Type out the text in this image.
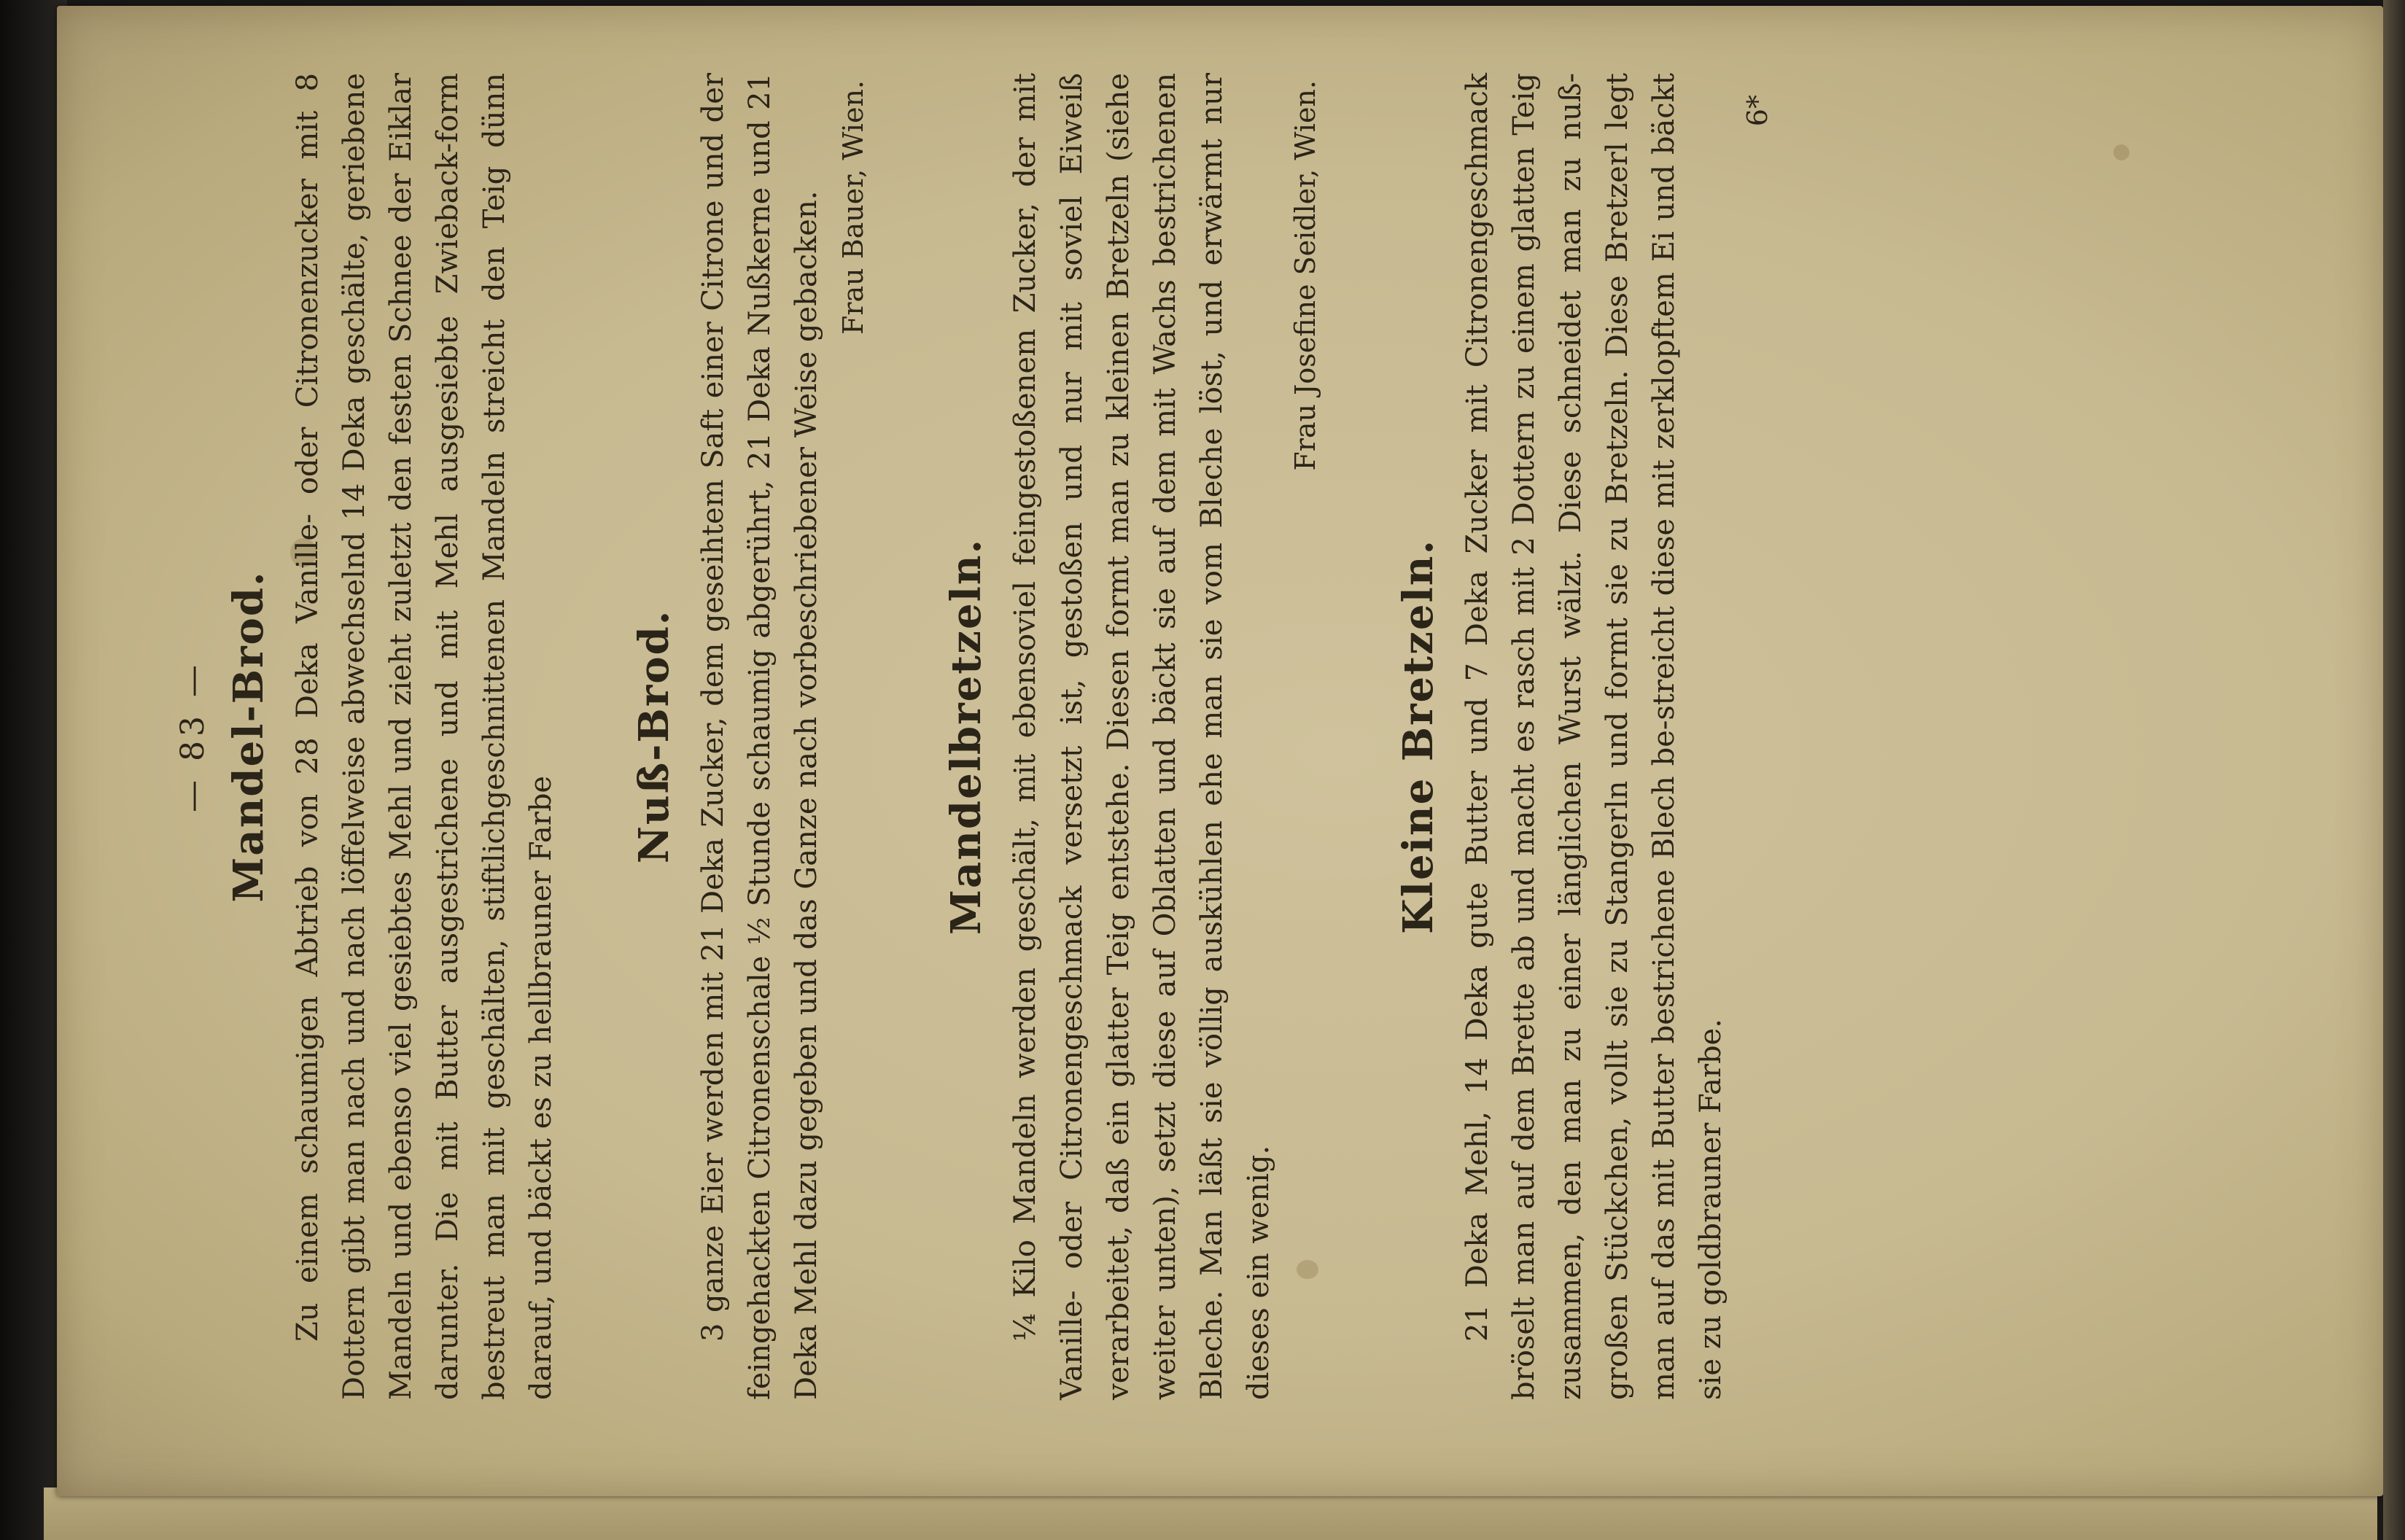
— 83 — Mandel-Brod. Zu einem schaumigen Abtrieb von 28 Deka Vanille- oder Citronenzucker mit 8 Dottern gibt man nach und nach löffelweise abwechselnd 14 Deka geschälte, geriebene Mandeln und ebenso viel gesiebtes Mehl und zieht zuletzt den festen Schnee der Eiklar darunter. Die mit Butter ausgestrichene und mit Mehl ausgesiebte Zwieback-form bestreut man mit geschälten, stiftlichgeschnittenen Mandeln streicht den Teig dünn darauf, und bäckt es zu hellbrauner Farbe

Nuß-Brod. 3 ganze Eier werden mit 21 Deka Zucker, dem geseihtem Saft einer Citrone und der feingehackten Citronenschale ½ Stunde schaumig abgerührt, 21 Deka Nußkerne und 21 Deka Mehl dazu gegeben und das Ganze nach vorbeschriebener Weise gebacken. Frau Bauer, Wien.
Mandelbretzeln. ¼ Kilo Mandeln werden geschält, mit ebensoviel feingestoßenem Zucker, der mit Vanille- oder Citronengeschmack versetzt ist, gestoßen und nur mit soviel Eiweiß verarbeitet, daß ein glatter Teig entstehe. Diesen formt man zu kleinen Bretzeln (siehe weiter unten), setzt diese auf Oblatten und bäckt sie auf dem mit Wachs bestrichenen Bleche. Man läßt sie völlig auskühlen ehe man sie vom Bleche löst, und erwärmt nur dieses ein wenig.

Frau Josefine Seidler, Wien.
Kleine Bretzeln. 21 Deka Mehl, 14 Deka gute Butter und 7 Deka Zucker mit Citronengeschmack bröselt man auf dem Brette ab und macht es rasch mit 2 Dottern zu einem glatten Teig zusammen, den man zu einer länglichen Wurst wälzt. Diese schneidet man zu nuß-großen Stückchen, vollt sie zu Stangerln und formt sie zu Bretzeln. Diese Bretzerl legt man auf das mit Butter bestrichene Blech be-streicht diese mit zerklopftem Ei und bäckt sie zu goldbrauner Farbe.

6*
